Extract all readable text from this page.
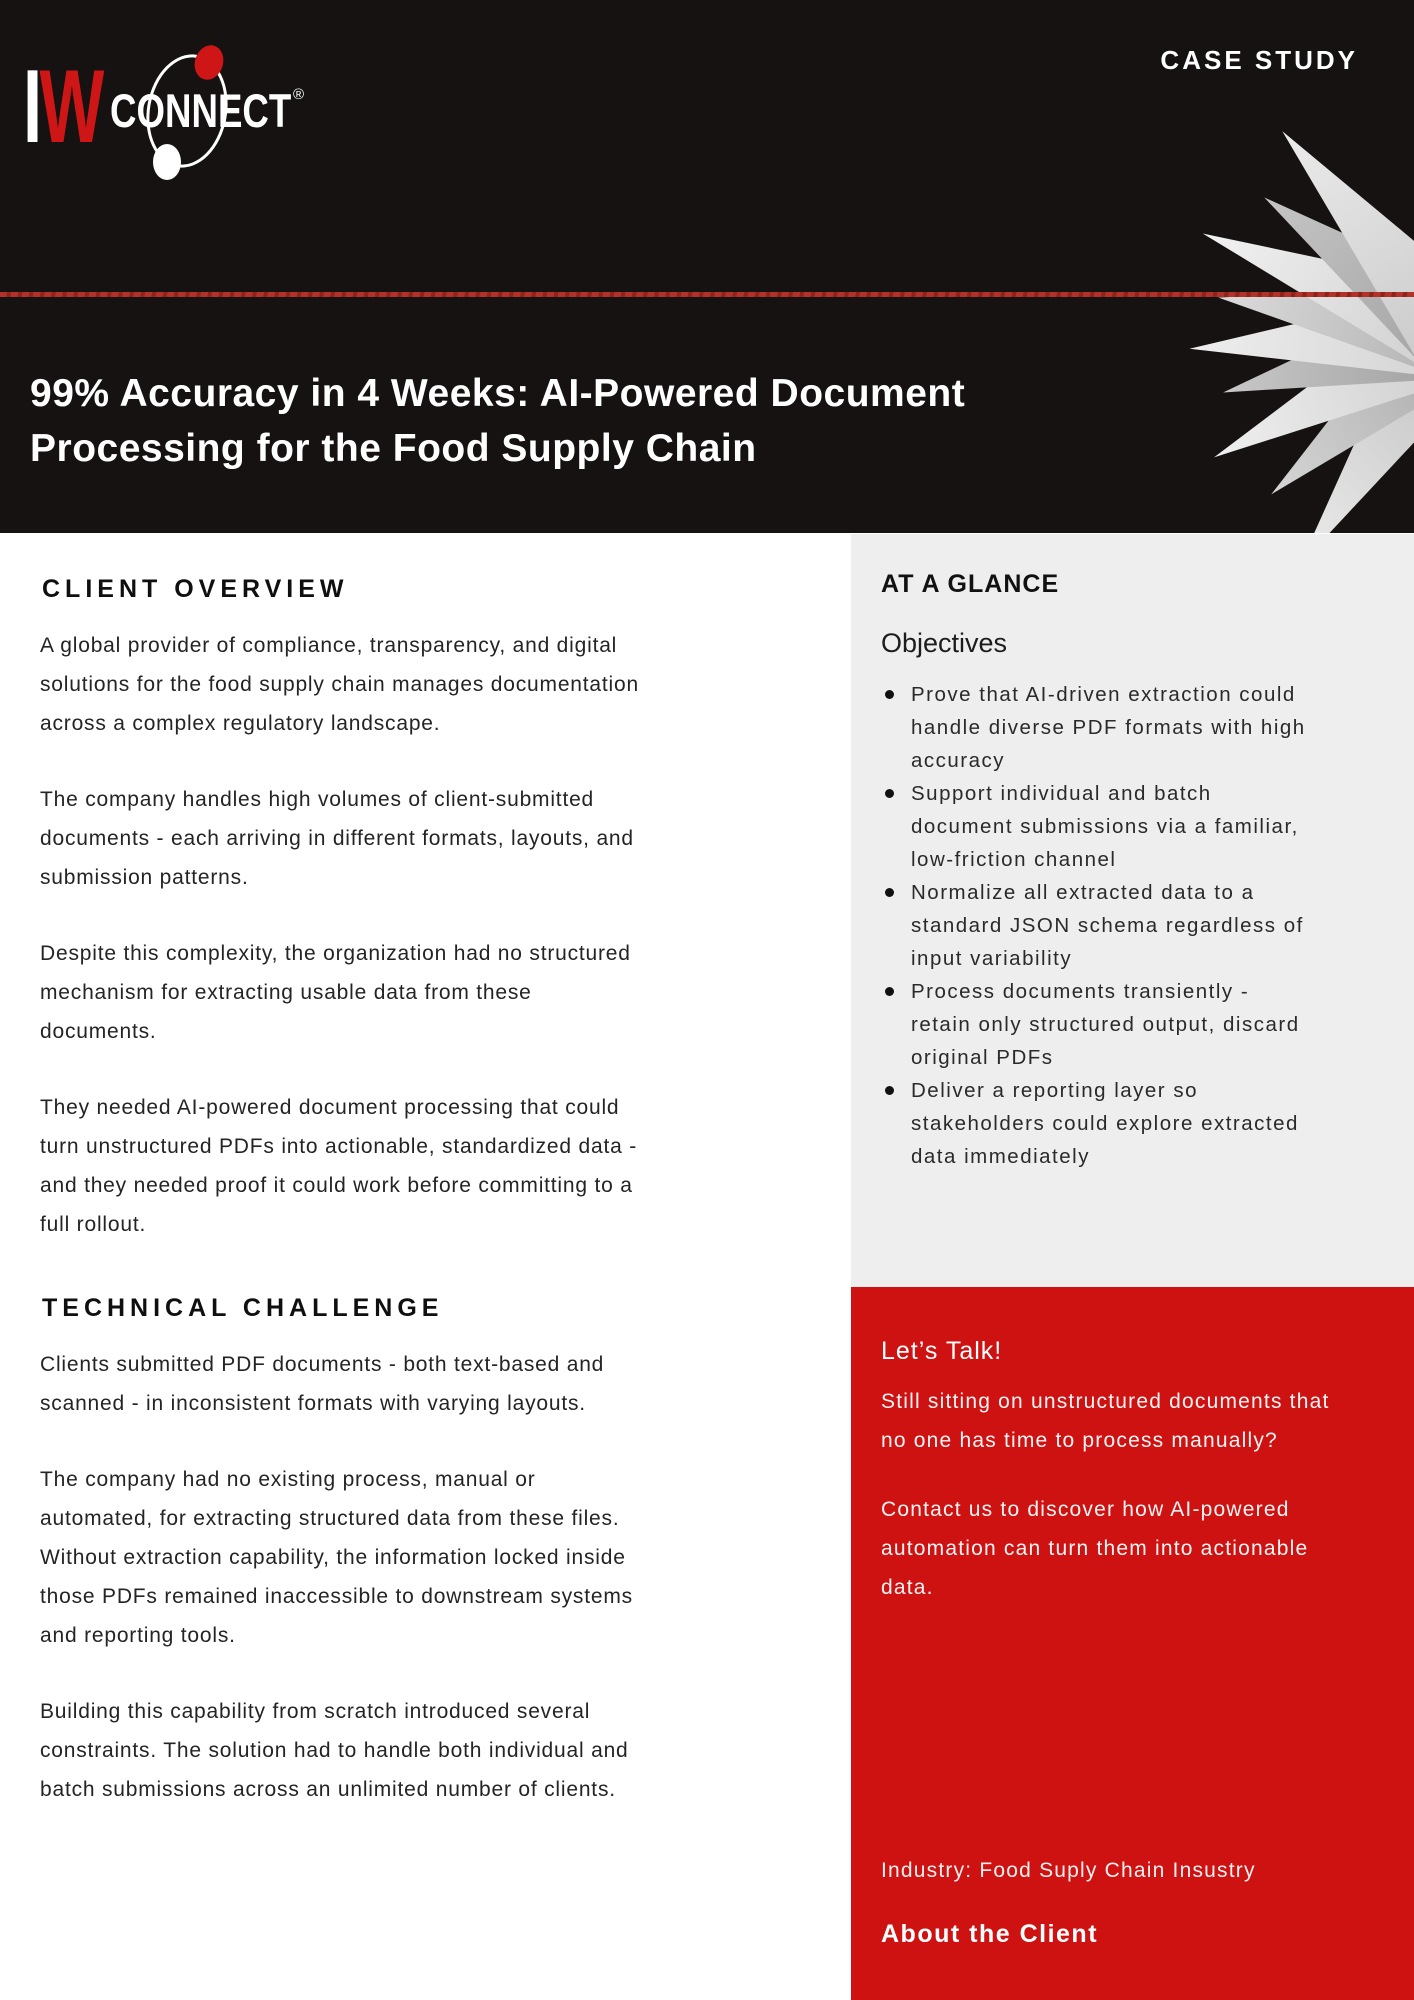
IW CONNECT ®
CASE STUDY
99% Accuracy in 4 Weeks: AI-Powered Document Processing for the Food Supply Chain
CLIENT OVERVIEW

A global provider of compliance, transparency, and digital solutions for the food supply chain manages documentation across a complex regulatory landscape.

The company handles high volumes of client-submitted documents - each arriving in different formats, layouts, and submission patterns.

Despite this complexity, the organization had no structured mechanism for extracting usable data from these documents.

They needed AI-powered document processing that could turn unstructured PDFs into actionable, standardized data - and they needed proof it could work before committing to a full rollout.

TECHNICAL CHALLENGE

Clients submitted PDF documents - both text-based and scanned - in inconsistent formats with varying layouts.

The company had no existing process, manual or automated, for extracting structured data from these files. Without extraction capability, the information locked inside those PDFs remained inaccessible to downstream systems and reporting tools.

Building this capability from scratch introduced several constraints. The solution had to handle both individual and batch submissions across an unlimited number of clients.

AT A GLANCE
Objectives
Prove that AI-driven extraction could handle diverse PDF formats with high accuracy
Support individual and batch document submissions via a familiar, low-friction channel
Normalize all extracted data to a standard JSON schema regardless of input variability
Process documents transiently - retain only structured output, discard original PDFs
Deliver a reporting layer so stakeholders could explore extracted data immediately
Let’s Talk!

Still sitting on unstructured documents that no one has time to process manually?

Contact us to discover how AI-powered automation can turn them into actionable data.

Industry: Food Suply Chain Insustry
About the Client
